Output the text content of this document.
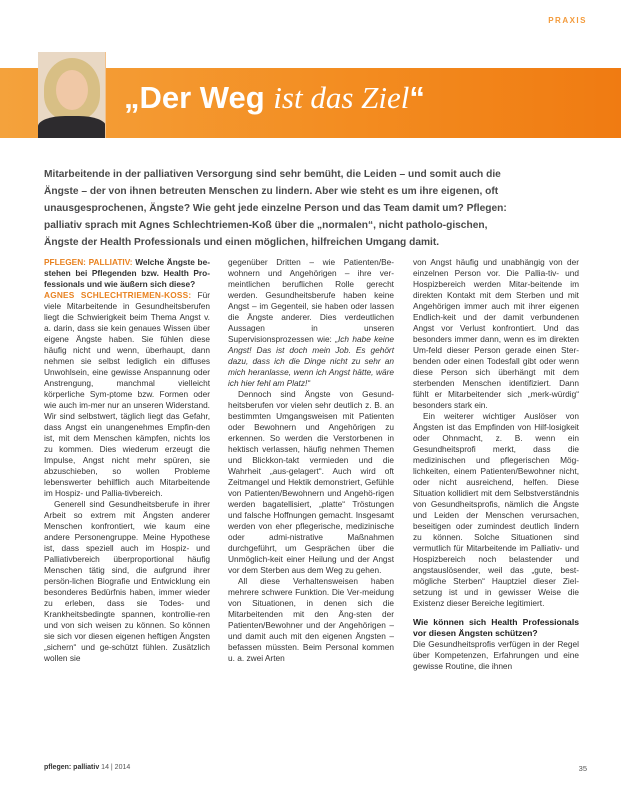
PRAXIS
„Der Weg ist das Ziel“
Mitarbeitende in der palliativen Versorgung sind sehr bemüht, die Leiden – und somit auch die Ängste – der von ihnen betreuten Menschen zu lindern. Aber wie steht es um ihre eigenen, oft unausgesprochenen, Ängste? Wie geht jede einzelne Person und das Team damit um? Pflegen: palliativ sprach mit Agnes Schlechtriemen-Koß über die „normalen“, nicht patholo-gischen, Ängste der Health Professionals und einen möglichen, hilfreichen Umgang damit.

PFLEGEN: PALLIATIV: Welche Ängste be-stehen bei Pflegenden bzw. Health Pro-fessionals und wie äußern sich diese?

AGNES SCHLECHTRIEMEN-KOSS: Für viele Mitarbeitende in Gesundheitsberufen liegt die Schwierigkeit beim Thema Angst v. a. darin, dass sie kein genaues Wissen über eigene Ängste haben. Sie fühlen diese häufig nicht und wenn, überhaupt, dann nehmen sie selbst lediglich ein diffuses Unwohlsein, eine gewisse Anspannung oder Anstrengung, manchmal vielleicht körperliche Sym-ptome bzw. Formen oder wie auch im-mer nur an unseren Widerstand. Wir sind selbstwert, täglich liegt das Gefahr, dass Angst ein unangenehmes Empfin-den ist, mit dem Menschen kämpfen, nichts los zu kommen. Dies wiederum erzeugt die Impulse, Angst nicht mehr spüren, sie abzuschieben, so wollen Probleme lebenswerter behilflich auch Mitarbeitende im Hospiz- und Pallia-tivbereich.

Generell sind Gesundheitsberufe in ihrer Arbeit so extrem mit Ängsten anderer Menschen konfrontiert, wie kaum eine andere Personengruppe. Meine Hypothese ist, dass speziell auch im Hospiz- und Palliativbereich überproportional häufig Menschen tätig sind, die aufgrund ihrer persön-lichen Biografie und Entwicklung ein besonderes Bedürfnis haben, immer wieder zu erleben, dass sie Todes- und Krankheitsbedingte spannen, kontrollie-ren und von sich weisen zu können. So können sie sich vor diesen eigenen heftigen Ängsten „sichern“ und ge-schützt fühlen. Zusätzlich wollen sie

gegenüber Dritten – wie Patienten/Be-wohnern und Angehörigen – ihre ver-meintlichen beruflichen Rolle gerecht werden. Gesundheitsberufe haben keine Angst – im Gegenteil, sie haben oder lassen die Ängste anderer. Dies verdeutlichen Aussagen in unseren Supervisionsprozessen wie: „Ich habe keine Angst! Das ist doch mein Job. Es gehört dazu, dass ich die Dinge nicht zu sehr an mich heranlasse, wenn ich Angst hätte, wäre ich hier fehl am Platz!“

Dennoch sind Ängste von Gesund-heitsberufen vor vielen sehr deutlich z. B. an bestimmten Umgangsweisen mit Patienten oder Bewohnern und Angehörigen zu erkennen. So werden die Verstorbenen in hektisch verlassen, häufig nehmen Themen und Blickkon-takt vermieden und die Wahrheit „aus-gelagert“. Auch wird oft Zeitmangel und Hektik demonstriert, Gefühle von Patienten/Bewohnern und Angehö-rigen werden bagatellisiert, „platte“ Tröstungen und falsche Hoffnungen gemacht. Insgesamt werden von eher pflegerische, medizinische oder admi-nistrative Maßnahmen durchgeführt, um Gesprächen über die Unmöglich-keit einer Heilung und der Angst vor dem Sterben aus dem Weg zu gehen.

All diese Verhaltensweisen haben mehrere schwere Funktion. Die Ver-meidung von Situationen, in denen sich die Mitarbeitenden mit den Äng-sten der Patienten/Bewohner und der Angehörigen – und damit auch mit den eigenen Ängsten – befassen müssten. Beim Personal kommen u. a. zwei Arten

von Angst häufig und unabhängig von der einzelnen Person vor. Die Pallia-tiv- und Hospizbereich werden Mitar-beitende im direkten Kontakt mit dem Sterben und mit Angehörigen immer auch mit ihrer eigenen Endlich-keit und der damit verbundenen Angst vor Verlust konfrontiert. Und das besonders immer dann, wenn es im direkten Um-feld dieser Person gerade einen Ster-benden oder einen Todesfall gibt oder wenn diese Person sich überhängt mit dem sterbenden Menschen identifiziert. Dann fühlt er Mitarbeitender sich „merk-würdig“ besonders stark ein.

Ein weiterer wichtiger Auslöser von Ängsten ist das Empfinden von Hilf-losigkeit oder Ohnmacht, z. B. wenn ein Gesundheitsprofi merkt, dass die medizinischen und pflegerischen Mög-lichkeiten, einem Patienten/Bewohner nicht, oder nicht ausreichend, helfen. Diese Situation kollidiert mit dem Selbstverständnis von Gesundheitsprofis, nämlich die Ängste und Leiden der Menschen verursachen, beseitigen oder zumindest deutlich lindern zu können. Solche Situationen sind vermutlich für Mitarbeitende im Palliativ- und Hospizbereich noch belastender und angstauslösender, weil das „gute, best-mögliche Sterben“ Hauptziel dieser Ziel-setzung ist und in gewisser Weise die Existenz dieser Bereiche legitimiert.

Wie können sich Health Professionals vor diesen Ängsten schützen?

Die Gesundheitsprofis verfügen in der Regel über Kompetenzen, Erfahrungen und eine gewisse Routine, die ihnen

pflegen: palliativ 14 | 2014	35
